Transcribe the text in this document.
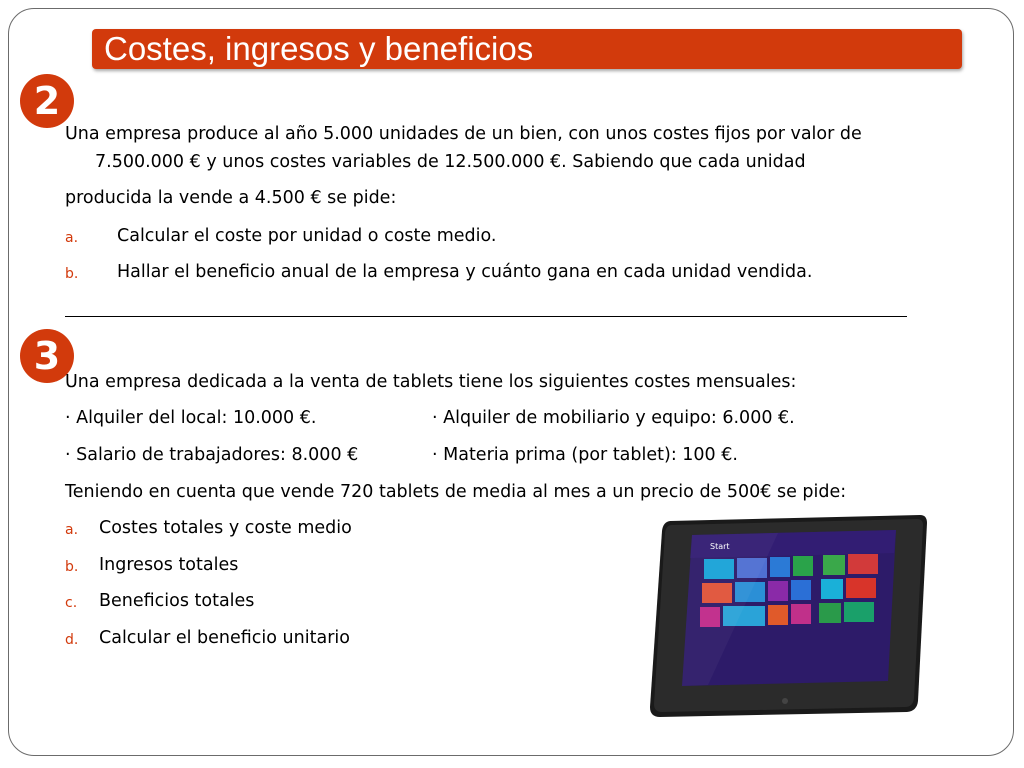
Costes, ingresos y beneficios
2
Una empresa produce al año 5.000 unidades de un bien, con unos costes fijos por valor de
7.500.000 € y unos costes variables de 12.500.000 €. Sabiendo que cada unidad
producida la vende a 4.500 € se pide:
a. Calcular el coste por unidad o coste medio.
b. Hallar el beneficio anual de la empresa y cuánto gana en cada unidad vendida.
3
Una empresa dedicada a la venta de tablets tiene los siguientes costes mensuales:
· Alquiler del local: 10.000 €.	· Alquiler de mobiliario y equipo: 6.000 €.
· Salario de trabajadores: 8.000 €	· Materia prima (por tablet): 100 €.
Teniendo en cuenta que vende 720 tablets de media al mes a un precio de 500€ se pide:
a. Costes totales y coste medio
b. Ingresos totales
c. Beneficios totales
d. Calcular el beneficio unitario
Start
